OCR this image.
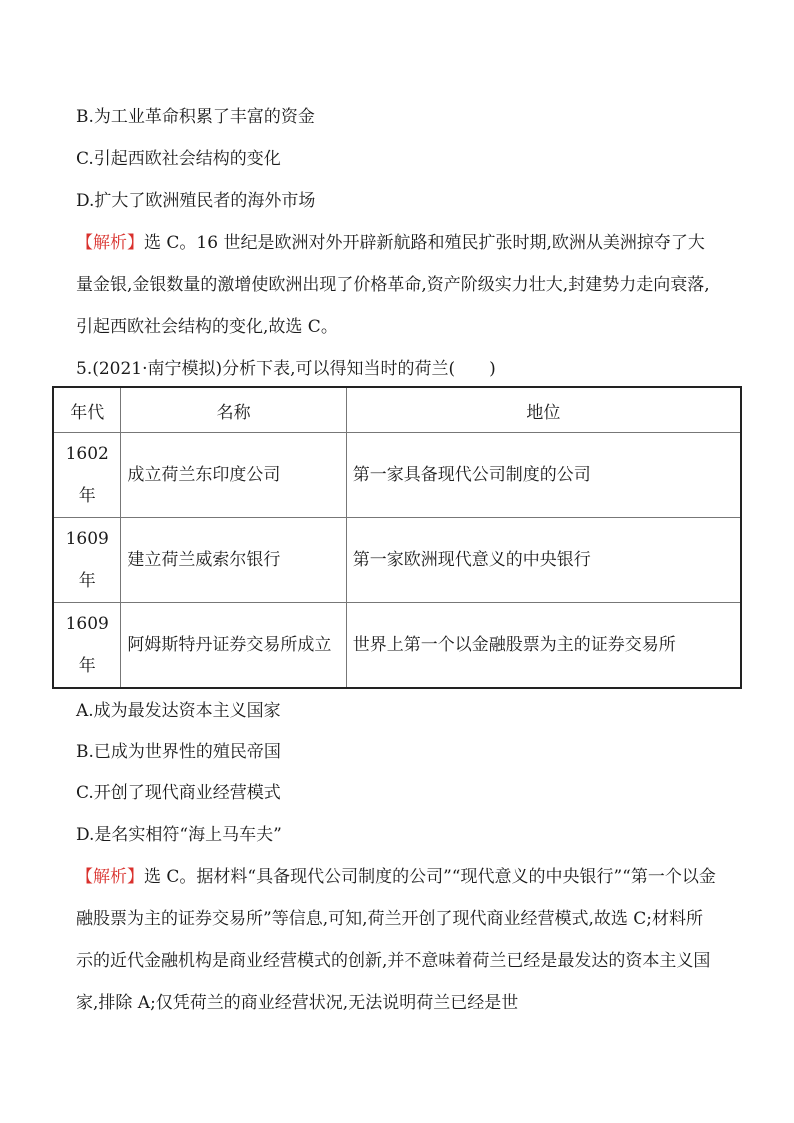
B.为工业革命积累了丰富的资金
C.引起西欧社会结构的变化
D.扩大了欧洲殖民者的海外市场
【解析】选 C。16 世纪是欧洲对外开辟新航路和殖民扩张时期,欧洲从美洲掠夺了大量金银,金银数量的激增使欧洲出现了价格革命,资产阶级实力壮大,封建势力走向衰落,引起西欧社会结构的变化,故选 C。
5.(2021·南宁模拟)分析下表,可以得知当时的荷兰(　　)
年代	名称	地位
1602 年	成立荷兰东印度公司	第一家具备现代公司制度的公司
1609 年	建立荷兰威索尔银行	第一家欧洲现代意义的中央银行
1609 年	阿姆斯特丹证券交易所成立	世界上第一个以金融股票为主的证券交易所
A.成为最发达资本主义国家
B.已成为世界性的殖民帝国
C.开创了现代商业经营模式
D.是名实相符“海上马车夫”
【解析】选 C。据材料“具备现代公司制度的公司”“现代意义的中央银行”“第一个以金融股票为主的证券交易所”等信息,可知,荷兰开创了现代商业经营模式,故选 C;材料所示的近代金融机构是商业经营模式的创新,并不意味着荷兰已经是最发达的资本主义国家,排除 A;仅凭荷兰的商业经营状况,无法说明荷兰已经是世
